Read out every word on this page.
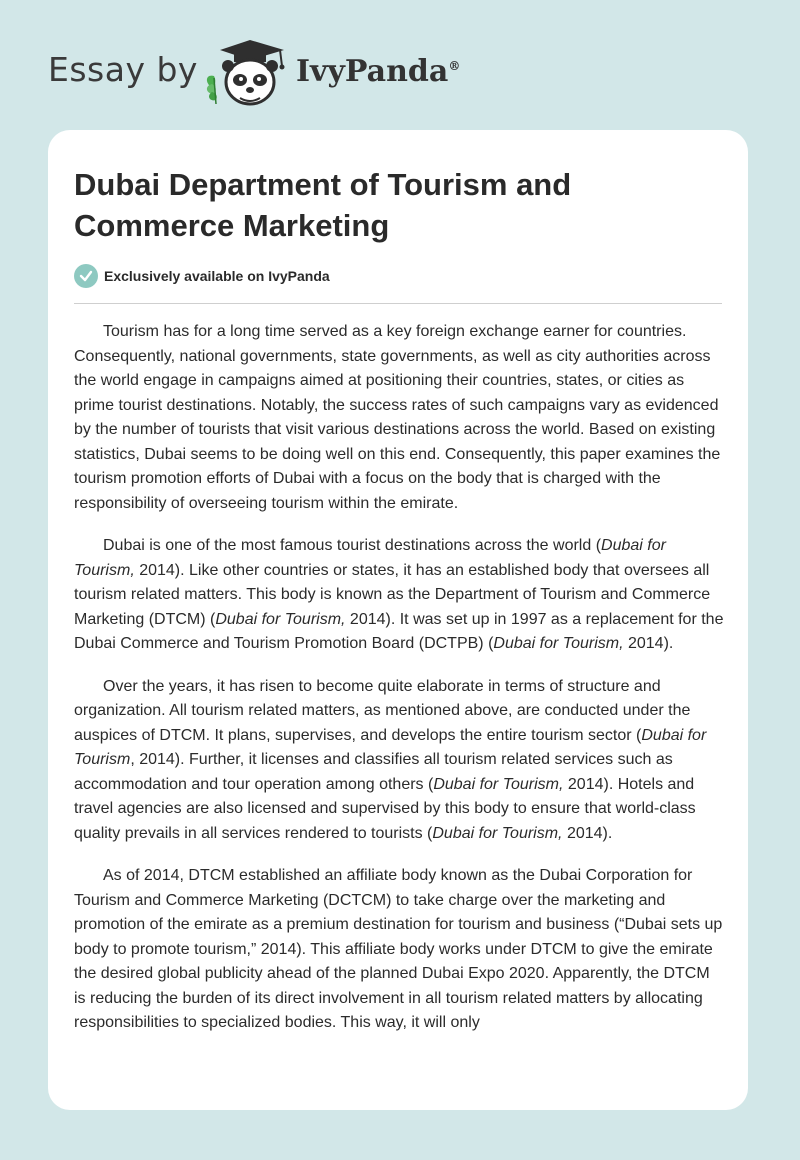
Essay by	IvyPanda®
Dubai Department of Tourism and Commerce Marketing
Exclusively available on IvyPanda

Tourism has for a long time served as a key foreign exchange earner for countries. Consequently, national governments, state governments, as well as city authorities across the world engage in campaigns aimed at positioning their countries, states, or cities as prime tourist destinations. Notably, the success rates of such campaigns vary as evidenced by the number of tourists that visit various destinations across the world. Based on existing statistics, Dubai seems to be doing well on this end. Consequently, this paper examines the tourism promotion efforts of Dubai with a focus on the body that is charged with the responsibility of overseeing tourism within the emirate.

Dubai is one of the most famous tourist destinations across the world (Dubai for Tourism, 2014). Like other countries or states, it has an established body that oversees all tourism related matters. This body is known as the Department of Tourism and Commerce Marketing (DTCM) (Dubai for Tourism, 2014). It was set up in 1997 as a replacement for the Dubai Commerce and Tourism Promotion Board (DCTPB) (Dubai for Tourism, 2014).

Over the years, it has risen to become quite elaborate in terms of structure and organization. All tourism related matters, as mentioned above, are conducted under the auspices of DTCM. It plans, supervises, and develops the entire tourism sector (Dubai for Tourism, 2014). Further, it licenses and classifies all tourism related services such as accommodation and tour operation among others (Dubai for Tourism, 2014). Hotels and travel agencies are also licensed and supervised by this body to ensure that world-class quality prevails in all services rendered to tourists (Dubai for Tourism, 2014).

As of 2014, DTCM established an affiliate body known as the Dubai Corporation for Tourism and Commerce Marketing (DCTCM) to take charge over the marketing and promotion of the emirate as a premium destination for tourism and business (“Dubai sets up body to promote tourism,” 2014). This affiliate body works under DTCM to give the emirate the desired global publicity ahead of the planned Dubai Expo 2020. Apparently, the DTCM is reducing the burden of its direct involvement in all tourism related matters by allocating responsibilities to specialized bodies. This way, it will only
